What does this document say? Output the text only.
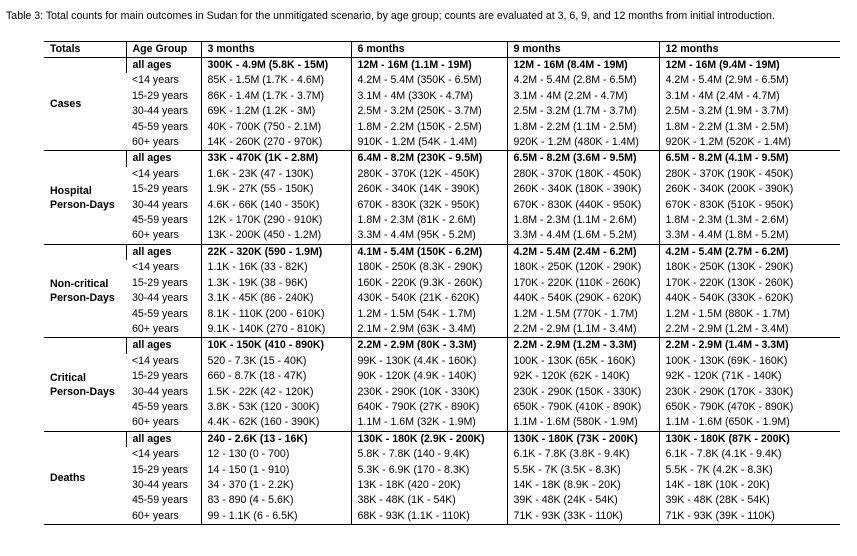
Table 3: Total counts for main outcomes in Sudan for the unmitigated scenario, by age group; counts are evaluated at 3, 6, 9, and 12 months from initial introduction.
Totals	Age Group	3 months	6 months	9 months	12 months

Cases	all ages	300K - 4.9M (5.8K - 15M)	12M - 16M (1.1M - 19M)	12M - 16M (8.4M - 19M)	12M - 16M (9.4M - 19M)
	<14 years	85K - 1.5M (1.7K - 4.6M)	4.2M - 5.4M (350K - 6.5M)	4.2M - 5.4M (2.8M - 6.5M)	4.2M - 5.4M (2.9M - 6.5M)
	15-29 years	86K - 1.4M (1.7K - 3.7M)	3.1M - 4M (330K - 4.7M)	3.1M - 4M (2.2M - 4.7M)	3.1M - 4M (2.4M - 4.7M)
	30-44 years	69K - 1.2M (1.2K - 3M)	2.5M - 3.2M (250K - 3.7M)	2.5M - 3.2M (1.7M - 3.7M)	2.5M - 3.2M (1.9M - 3.7M)
	45-59 years	40K - 700K (750 - 2.1M)	1.8M - 2.2M (150K - 2.5M)	1.8M - 2.2M (1.1M - 2.5M)	1.8M - 2.2M (1.3M - 2.5M)
	60+ years	14K - 260K (270 - 970K)	910K - 1.2M (54K - 1.4M)	920K - 1.2M (480K - 1.4M)	920K - 1.2M (520K - 1.4M)

Hospital
Person-Days	all ages	33K - 470K (1K - 2.8M)	6.4M - 8.2M (230K - 9.5M)	6.5M - 8.2M (3.6M - 9.5M)	6.5M - 8.2M (4.1M - 9.5M)
	<14 years	1.6K - 23K (47 - 130K)	280K - 370K (12K - 450K)	280K - 370K (180K - 450K)	280K - 370K (190K - 450K)
	15-29 years	1.9K - 27K (55 - 150K)	260K - 340K (14K - 390K)	260K - 340K (180K - 390K)	260K - 340K (200K - 390K)
	30-44 years	4.6K - 66K (140 - 350K)	670K - 830K (32K - 950K)	670K - 830K (440K - 950K)	670K - 830K (510K - 950K)
	45-59 years	12K - 170K (290 - 910K)	1.8M - 2.3M (81K - 2.6M)	1.8M - 2.3M (1.1M - 2.6M)	1.8M - 2.3M (1.3M - 2.6M)
	60+ years	13K - 200K (450 - 1.2M)	3.3M - 4.4M (95K - 5.2M)	3.3M - 4.4M (1.6M - 5.2M)	3.3M - 4.4M (1.8M - 5.2M)

Non-critical
Person-Days	all ages	22K - 320K (590 - 1.9M)	4.1M - 5.4M (150K - 6.2M)	4.2M - 5.4M (2.4M - 6.2M)	4.2M - 5.4M (2.7M - 6.2M)
	<14 years	1.1K - 16K (33 - 82K)	180K - 250K (8.3K - 290K)	180K - 250K (120K - 290K)	180K - 250K (130K - 290K)
	15-29 years	1.3K - 19K (38 - 96K)	160K - 220K (9.3K - 260K)	170K - 220K (110K - 260K)	170K - 220K (130K - 260K)
	30-44 years	3.1K - 45K (86 - 240K)	430K - 540K (21K - 620K)	440K - 540K (290K - 620K)	440K - 540K (330K - 620K)
	45-59 years	8.1K - 110K (200 - 610K)	1.2M - 1.5M (54K - 1.7M)	1.2M - 1.5M (770K - 1.7M)	1.2M - 1.5M (880K - 1.7M)
	60+ years	9.1K - 140K (270 - 810K)	2.1M - 2.9M (63K - 3.4M)	2.2M - 2.9M (1.1M - 3.4M)	2.2M - 2.9M (1.2M - 3.4M)

Critical
Person-Days	all ages	10K - 150K (410 - 890K)	2.2M - 2.9M (80K - 3.3M)	2.2M - 2.9M (1.2M - 3.3M)	2.2M - 2.9M (1.4M - 3.3M)
	<14 years	520 - 7.3K (15 - 40K)	99K - 130K (4.4K - 160K)	100K - 130K (65K - 160K)	100K - 130K (69K - 160K)
	15-29 years	660 - 8.7K (18 - 47K)	90K - 120K (4.9K - 140K)	92K - 120K (62K - 140K)	92K - 120K (71K - 140K)
	30-44 years	1.5K - 22K (42 - 120K)	230K - 290K (10K - 330K)	230K - 290K (150K - 330K)	230K - 290K (170K - 330K)
	45-59 years	3.8K - 53K (120 - 300K)	640K - 790K (27K - 890K)	650K - 790K (410K - 890K)	650K - 790K (470K - 890K)
	60+ years	4.4K - 62K (160 - 390K)	1.1M - 1.6M (32K - 1.9M)	1.1M - 1.6M (580K - 1.9M)	1.1M - 1.6M (650K - 1.9M)

Deaths	all ages	240 - 2.6K (13 - 16K)	130K - 180K (2.9K - 200K)	130K - 180K (73K - 200K)	130K - 180K (87K - 200K)
	<14 years	12 - 130 (0 - 700)	5.8K - 7.8K (140 - 9.4K)	6.1K - 7.8K (3.8K - 9.4K)	6.1K - 7.8K (4.1K - 9.4K)
	15-29 years	14 - 150 (1 - 910)	5.3K - 6.9K (170 - 8.3K)	5.5K - 7K (3.5K - 8.3K)	5.5K - 7K (4.2K - 8.3K)
	30-44 years	34 - 370 (1 - 2.2K)	13K - 18K (420 - 20K)	14K - 18K (8.9K - 20K)	14K - 18K (10K - 20K)
	45-59 years	83 - 890 (4 - 5.6K)	38K - 48K (1K - 54K)	39K - 48K (24K - 54K)	39K - 48K (28K - 54K)
	60+ years	99 - 1.1K (6 - 6.5K)	68K - 93K (1.1K - 110K)	71K - 93K (33K - 110K)	71K - 93K (39K - 110K)
